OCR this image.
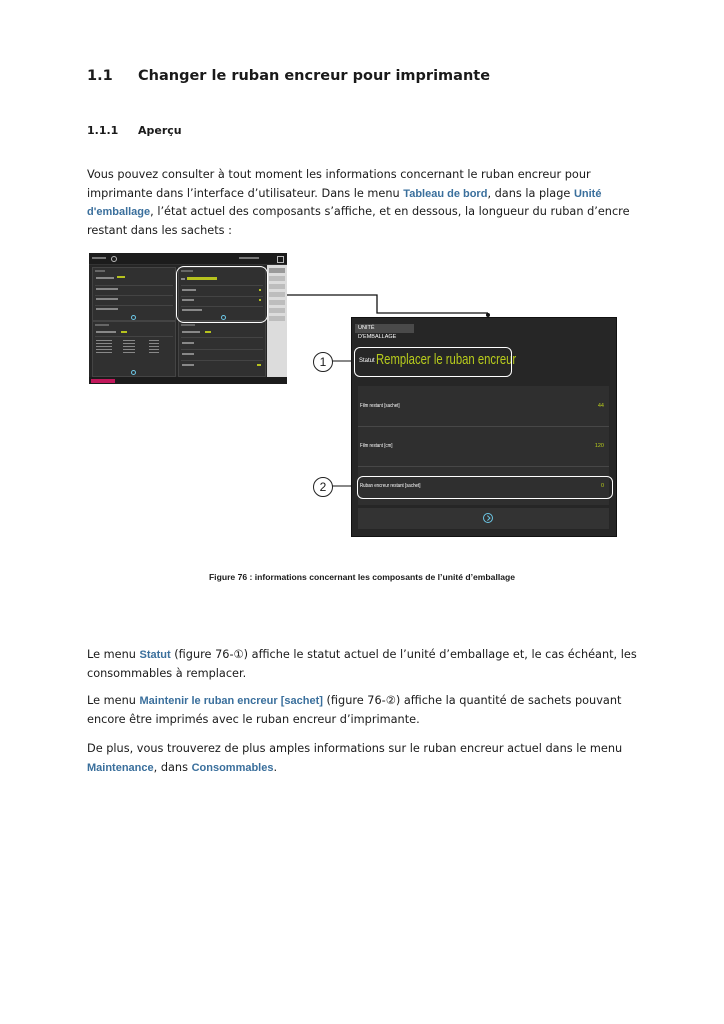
1.1 Changer le ruban encreur pour imprimante
1.1.1 Aperçu

Vous pouvez consulter à tout moment les informations concernant le ruban encreur pour imprimante dans l’interface d’utilisateur. Dans le menu Tableau de bord, dans la plage Unité d'emballage, l’état actuel des composants s’affiche, et en dessous, la longueur du ruban d’encre restant dans les sachets :

UNITÉ D'EMBALLAGE
Statut Remplacer le ruban encreur
Film restant [sachet]	44
Film restant [cm]	120
Ruban encreur restant [sachet]	0
1
2
Figure 76 : informations concernant les composants de l’unité d’emballage

Le menu Statut (figure 76-①) affiche le statut actuel de l’unité d’emballage et, le cas échéant, les consommables à remplacer.

Le menu Maintenir le ruban encreur [sachet] (figure 76-②) affiche la quantité de sachets pouvant encore être imprimés avec le ruban encreur d’imprimante.

De plus, vous trouverez de plus amples informations sur le ruban encreur actuel dans le menu Maintenance, dans Consommables.
